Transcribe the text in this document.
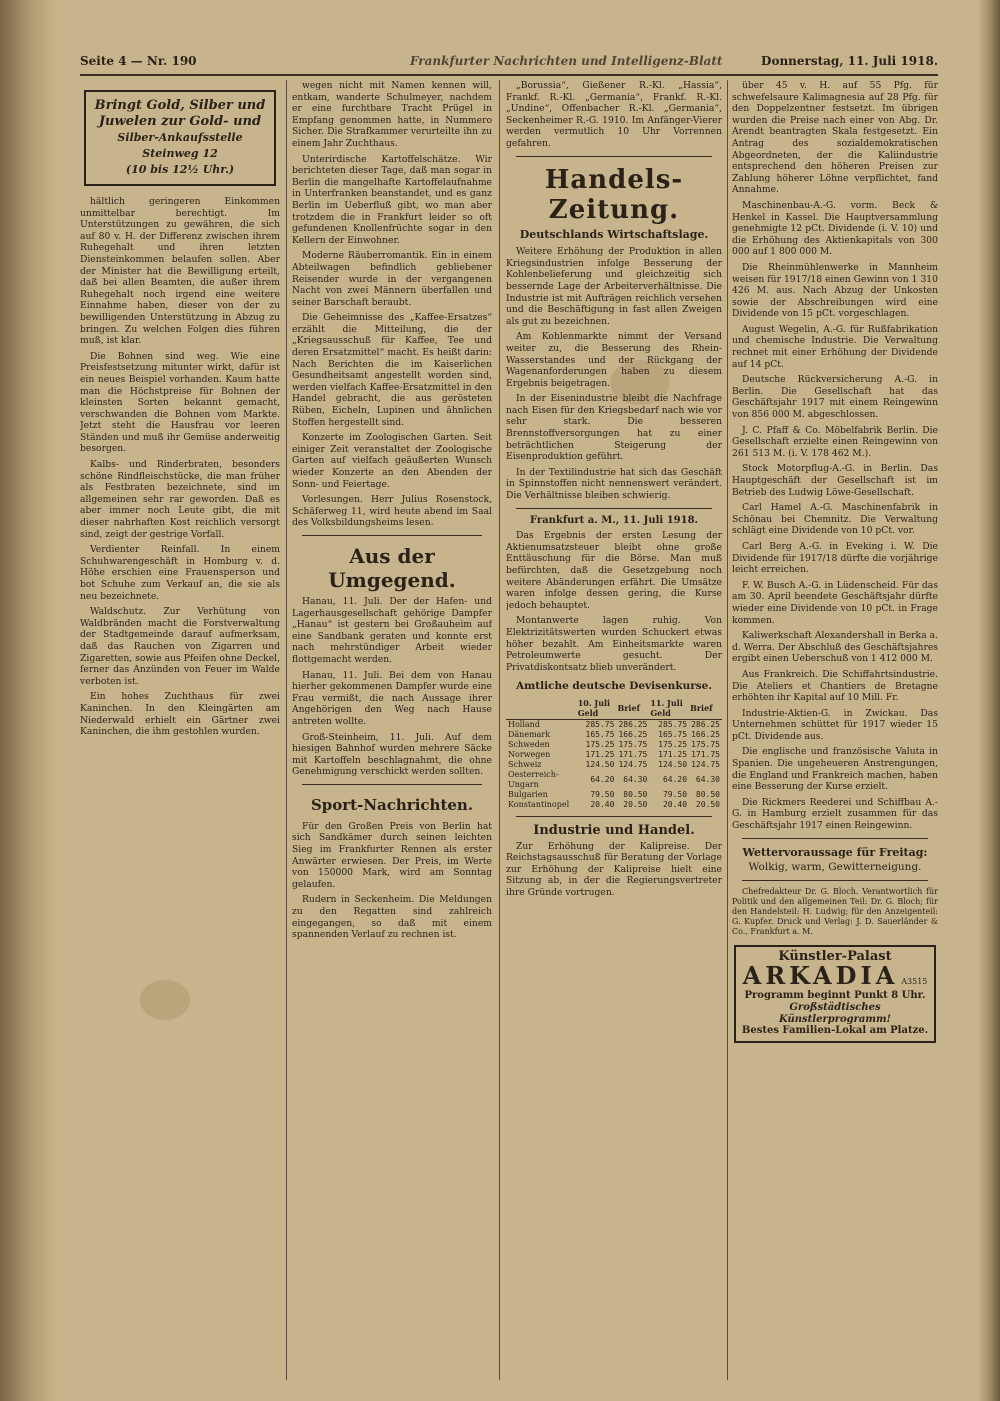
Seite 4 — Nr. 190	Frankfurter Nachrichten und Intelligenz-Blatt	Donnerstag, 11. Juli 1918.
Bringt Gold, Silber und
Juwelen zur Gold- und
Silber-Ankaufsstelle Steinweg 12
(10 bis 12½ Uhr.)

hältlich geringeren Einkommen unmittelbar berechtigt. Im Unterstützungen zu gewähren, die sich auf 80 v. H. der Differenz zwischen ihrem Ruhegehalt und ihren letzten Diensteinkommen belaufen sollen. Aber der Minister hat die Bewilligung erteilt, daß bei allen Beamten, die außer ihrem Ruhegehalt noch irgend eine weitere Einnahme haben, dieser von der zu bewilligenden Unterstützung in Abzug zu bringen. Zu welchen Folgen dies führen muß, ist klar.

Die Bohnen sind weg. Wie eine Preisfestsetzung mitunter wirkt, dafür ist ein neues Beispiel vorhanden. Kaum hatte man die Höchstpreise für Bohnen der kleinsten Sorten bekannt gemacht, verschwanden die Bohnen vom Markte. Jetzt steht die Hausfrau vor leeren Ständen und muß ihr Gemüse anderweitig besorgen.

Kalbs- und Rinderbraten, besonders schöne Rindfleischstücke, die man früher als Festbraten bezeichnete, sind im allgemeinen sehr rar geworden. Daß es aber immer noch Leute gibt, die mit dieser nahrhaften Kost reichlich versorgt sind, zeigt der gestrige Vorfall.

Verdienter Reinfall. In einem Schuhwarengeschäft in Homburg v. d. Höhe erschien eine Frauensperson und bot Schuhe zum Verkauf an, die sie als neu bezeichnete.

Waldschutz. Zur Verhütung von Waldbränden macht die Forstverwaltung der Stadtgemeinde darauf aufmerksam, daß das Rauchen von Zigarren und Zigaretten, sowie aus Pfeifen ohne Deckel, ferner das Anzünden von Feuer im Walde verboten ist.

Ein hohes Zuchthaus für zwei Kaninchen. In den Kleingärten am Niederwald erhielt ein Gärtner zwei Kaninchen, die ihm gestohlen wurden.

wegen nicht mit Namen kennen will, entkam, wanderte Schulmeyer, nachdem er eine furchtbare Tracht Prügel in Empfang genommen hatte, in Nummero Sicher. Die Strafkammer verurteilte ihn zu einem Jahr Zuchthaus.

Unterirdische Kartoffelschätze. Wir berichteten dieser Tage, daß man sogar in Berlin die mangelhafte Kartoffelaufnahme in Unterfranken beanstandet, und es ganz Berlin im Ueberfluß gibt, wo man aber trotzdem die in Frankfurt leider so oft gefundenen Knollenfrüchte sogar in den Kellern der Einwohner.

Moderne Räuberromantik. Ein in einem Abteilwagen befindlich gebliebener Reisender wurde in der vergangenen Nacht von zwei Männern überfallen und seiner Barschaft beraubt.

Die Geheimnisse des „Kaffee-Ersatzes“ erzählt die Mitteilung, die der „Kriegsausschuß für Kaffee, Tee und deren Ersatzmittel“ macht. Es heißt darin: Nach Berichten die im Kaiserlichen Gesundheitsamt angestellt worden sind, werden vielfach Kaffee-Ersatzmittel in den Handel gebracht, die aus gerösteten Rüben, Eicheln, Lupinen und ähnlichen Stoffen hergestellt sind.

Konzerte im Zoologischen Garten. Seit einiger Zeit veranstaltet der Zoologische Garten auf vielfach geäußerten Wunsch wieder Konzerte an den Abenden der Sonn- und Feiertage.

Vorlesungen. Herr Julius Rosenstock, Schäferweg 11, wird heute abend im Saal des Volksbildungsheims lesen.

Aus der Umgegend.

Hanau, 11. Juli. Der der Hafen- und Lagerhausgesellschaft gehörige Dampfer „Hanau“ ist gestern bei Großauheim auf eine Sandbank geraten und konnte erst nach mehrstündiger Arbeit wieder flottgemacht werden.

Hanau, 11. Juli. Bei dem von Hanau hierher gekommenen Dampfer wurde eine Frau vermißt, die nach Aussage ihrer Angehörigen den Weg nach Hause antreten wollte.

Groß-Steinheim, 11. Juli. Auf dem hiesigen Bahnhof wurden mehrere Säcke mit Kartoffeln beschlagnahmt, die ohne Genehmigung verschickt werden sollten.

Sport-Nachrichten.

Für den Großen Preis von Berlin hat sich Sandkämer durch seinen leichten Sieg im Frankfurter Rennen als erster Anwärter erwiesen. Der Preis, im Werte von 150000 Mark, wird am Sonntag gelaufen.

Rudern in Seckenheim. Die Meldungen zu den Regatten sind zahlreich eingegangen, so daß mit einem spannenden Verlauf zu rechnen ist.

„Borussia“, Gießener R.-Kl. „Hassia“, Frankf. R.-Kl. „Germania“, Frankf. R.-Kl. „Undine“, Offenbacher R.-Kl. „Germania“, Seckenheimer R.-G. 1910. Im Anfänger-Vierer werden vermutlich 10 Uhr Vorrennen gefahren.

Handels-Zeitung.
Deutschlands Wirtschaftslage.

Weitere Erhöhung der Produktion in allen Kriegsindustrien infolge Besserung der Kohlenbelieferung und gleichzeitig sich bessernde Lage der Arbeiterverhältnisse. Die Industrie ist mit Aufträgen reichlich versehen und die Beschäftigung in fast allen Zweigen als gut zu bezeichnen.

Am Kohlenmarkte nimmt der Versand weiter zu, die Besserung des Rhein-Wasserstandes und der Rückgang der Wagenanforderungen haben zu diesem Ergebnis beigetragen.

In der Eisenindustrie bleibt die Nachfrage nach Eisen für den Kriegsbedarf nach wie vor sehr stark. Die besseren Brennstoffversorgungen hat zu einer beträchtlichen Steigerung der Eisenproduktion geführt.

In der Textilindustrie hat sich das Geschäft in Spinnstoffen nicht nennenswert verändert. Die Verhältnisse bleiben schwierig.

Frankfurt a. M., 11. Juli 1918.

Das Ergebnis der ersten Lesung der Aktienumsatzsteuer bleibt ohne große Enttäuschung für die Börse. Man muß befürchten, daß die Gesetzgebung noch weitere Abänderungen erfährt. Die Umsätze waren infolge dessen gering, die Kurse jedoch behauptet.

Montanwerte lagen ruhig. Von Elektrizitätswerten wurden Schuckert etwas höher bezahlt. Am Einheitsmarkte waren Petroleumwerte gesucht. Der Privatdiskontsatz blieb unverändert.

Amtliche deutsche Devisenkurse.
	10. Juli Geld	Brief	11. Juli Geld	Brief
Holland	285.75	286.25	285.75	286.25
Dänemark	165.75	166.25	165.75	166.25
Schweden	175.25	175.75	175.25	175.75
Norwegen	171.25	171.75	171.25	171.75
Schweiz	124.50	124.75	124.50	124.75
Oesterreich-Ungarn	64.20	64.30	64.20	64.30
Bulgarien	79.50	80.50	79.50	80.50
Konstantinopel	20.40	20.50	20.40	20.50
Industrie und Handel.

Zur Erhöhung der Kalipreise. Der Reichstagsausschuß für Beratung der Vorlage zur Erhöhung der Kalipreise hielt eine Sitzung ab, in der die Regierungsvertreter ihre Gründe vortrugen.

über 45 v. H. auf 55 Pfg. für schwefelsaure Kalimagnesia auf 28 Pfg. für den Doppelzentner festsetzt. Im übrigen wurden die Preise nach einer von Abg. Dr. Arendt beantragten Skala festgesetzt. Ein Antrag des sozialdemokratischen Abgeordneten, der die Kaliindustrie entsprechend den höheren Preisen zur Zahlung höherer Löhne verpflichtet, fand Annahme.

Maschinenbau-A.-G. vorm. Beck & Henkel in Kassel. Die Hauptversammlung genehmigte 12 pCt. Dividende (i. V. 10) und die Erhöhung des Aktienkapitals von 300 000 auf 1 800 000 M.

Die Rheinmühlenwerke in Mannheim weisen für 1917/18 einen Gewinn von 1 310 426 M. aus. Nach Abzug der Unkosten sowie der Abschreibungen wird eine Dividende von 15 pCt. vorgeschlagen.

August Wegelin, A.-G. für Rußfabrikation und chemische Industrie. Die Verwaltung rechnet mit einer Erhöhung der Dividende auf 14 pCt.

Deutsche Rückversicherung A.-G. in Berlin. Die Gesellschaft hat das Geschäftsjahr 1917 mit einem Reingewinn von 856 000 M. abgeschlossen.

J. C. Pfaff & Co. Möbelfabrik Berlin. Die Gesellschaft erzielte einen Reingewinn von 261 513 M. (i. V. 178 462 M.).

Stock Motorpflug-A.-G. in Berlin. Das Hauptgeschäft der Gesellschaft ist im Betrieb des Ludwig Löwe-Gesellschaft.

Carl Hamel A.-G. Maschinenfabrik in Schönau bei Chemnitz. Die Verwaltung schlägt eine Dividende von 10 pCt. vor.

Carl Berg A.-G. in Eveking i. W. Die Dividende für 1917/18 dürfte die vorjährige leicht erreichen.

F. W. Busch A.-G. in Lüdenscheid. Für das am 30. April beendete Geschäftsjahr dürfte wieder eine Dividende von 10 pCt. in Frage kommen.

Kaliwerkschaft Alexandershall in Berka a. d. Werra. Der Abschluß des Geschäftsjahres ergibt einen Ueberschuß von 1 412 000 M.

Aus Frankreich. Die Schiffahrtsindustrie. Die Ateliers et Chantiers de Bretagne erhöhten ihr Kapital auf 10 Mill. Fr.

Industrie-Aktien-G. in Zwickau. Das Unternehmen schüttet für 1917 wieder 15 pCt. Dividende aus.

Die englische und französische Valuta in Spanien. Die ungeheueren Anstrengungen, die England und Frankreich machen, haben eine Besserung der Kurse erzielt.

Die Rickmers Reederei und Schiffbau A.-G. in Hamburg erzielt zusammen für das Geschäftsjahr 1917 einen Reingewinn.

Wettervoraussage für Freitag:
Wolkig, warm, Gewitterneigung.

Chefredakteur Dr. G. Bloch. Verantwortlich für Politik und den allgemeinen Teil: Dr. G. Bloch; für den Handelsteil: H. Ludwig; für den Anzeigenteil: G. Kupfer. Druck und Verlag: J. D. Sauerländer & Co., Frankfurt a. M.

Künstler-Palast
ARKADIA A3515
Programm beginnt Punkt 8 Uhr.
Großstädtisches Künstlerprogramm!
Bestes Familien-Lokal am Platze.
